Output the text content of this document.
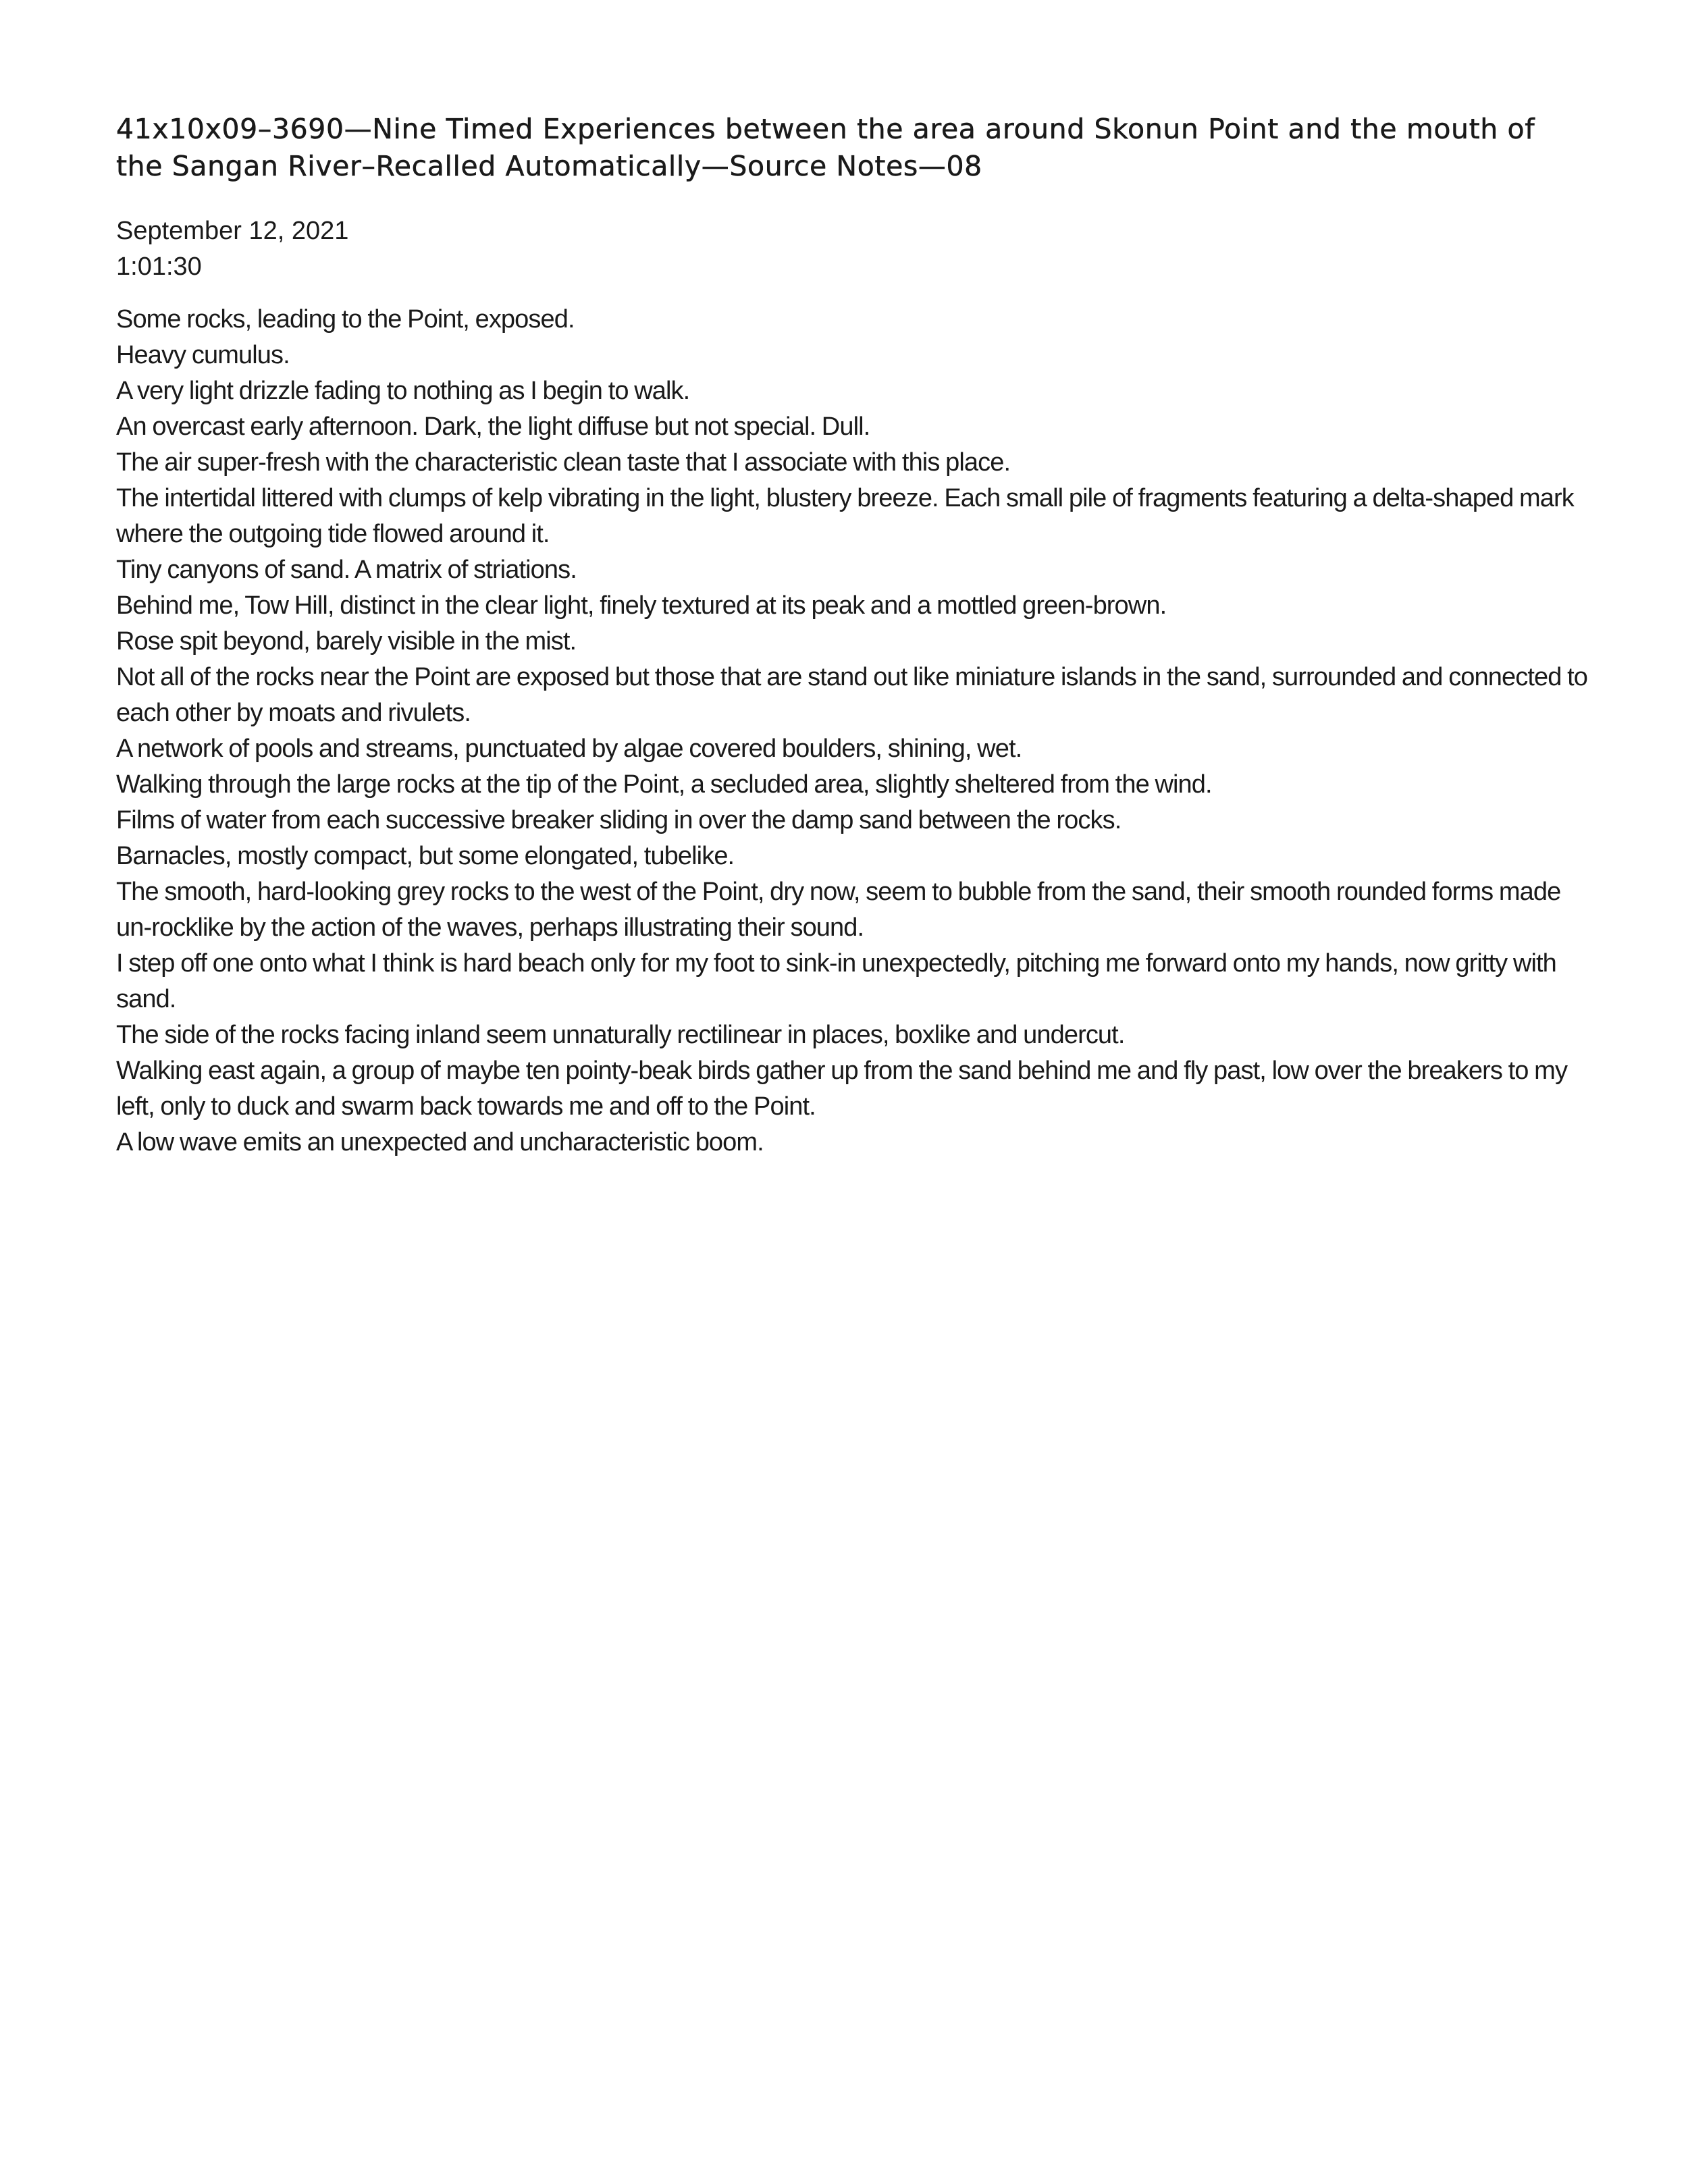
41x10x09–3690—Nine Timed Experiences between the area around Skonun Point and the mouth of the Sangan River–Recalled Automatically—Source Notes—08
September 12, 2021
1:01:30

Some rocks, leading to the Point, exposed.

Heavy cumulus.

A very light drizzle fading to nothing as I begin to walk.

An overcast early afternoon. Dark, the light diffuse but not special. Dull.

The air super-fresh with the characteristic clean taste that I associate with this place.

The intertidal littered with clumps of kelp vibrating in the light, blustery breeze. Each small pile of fragments featuring a delta-shaped mark where the outgoing tide flowed around it.

Tiny canyons of sand. A matrix of striations.

Behind me, Tow Hill, distinct in the clear light, finely textured at its peak and a mottled green-brown.

Rose spit beyond, barely visible in the mist.

Not all of the rocks near the Point are exposed but those that are stand out like miniature islands in the sand, surrounded and connected to each other by moats and rivulets.

A network of pools and streams, punctuated by algae covered boulders, shining, wet.

Walking through the large rocks at the tip of the Point, a secluded area, slightly sheltered from the wind.

Films of water from each successive breaker sliding in over the damp sand between the rocks.

Barnacles, mostly compact, but some elongated, tubelike.

The smooth, hard-looking grey rocks to the west of the Point, dry now, seem to bubble from the sand, their smooth rounded forms made un-rocklike by the action of the waves, perhaps illustrating their sound.

I step off one onto what I think is hard beach only for my foot to sink-in unexpectedly, pitching me forward onto my hands, now gritty with sand.

The side of the rocks facing inland seem unnaturally rectilinear in places, boxlike and undercut.

Walking east again, a group of maybe ten pointy-beak birds gather up from the sand behind me and fly past, low over the breakers to my left, only to duck and swarm back towards me and off to the Point.

A low wave emits an unexpected and uncharacteristic boom.
